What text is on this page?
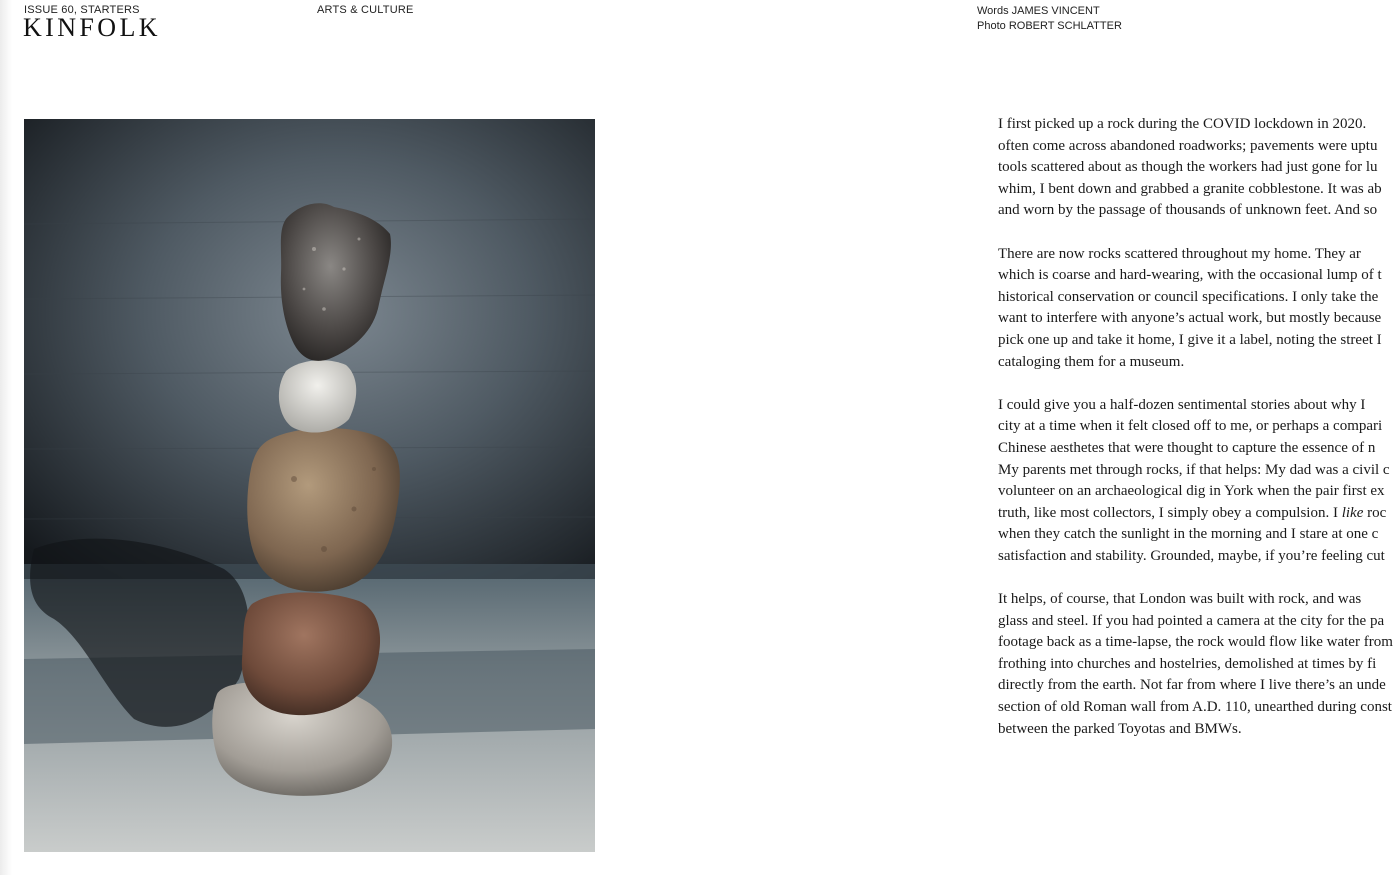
ISSUE 60, STARTERS
KINFOLK
ARTS & CULTURE	Words JAMES VINCENT
Photo ROBERT SCHLATTER
I first picked up a rock during the COVID lockdown in 2020.
often come across abandoned roadworks; pavements were uptu
tools scattered about as though the workers had just gone for lu
whim, I bent down and grabbed a granite cobblestone. It was ab
and worn by the passage of thousands of unknown feet. And so
There are now rocks scattered throughout my home. They ar
which is coarse and hard-wearing, with the occasional lump of t
historical conservation or council specifications. I only take the
want to interfere with anyone’s actual work, but mostly because
pick one up and take it home, I give it a label, noting the street I
cataloging them for a museum.
I could give you a half-dozen sentimental stories about why I
city at a time when it felt closed off to me, or perhaps a compari
Chinese aesthetes that were thought to capture the essence of n
My parents met through rocks, if that helps: My dad was a civil c
volunteer on an archaeological dig in York when the pair first ex
truth, like most collectors, I simply obey a compulsion. I like roc
when they catch the sunlight in the morning and I stare at one c
satisfaction and stability. Grounded, maybe, if you’re feeling cut
It helps, of course, that London was built with rock, and was
glass and steel. If you had pointed a camera at the city for the pa
footage back as a time-lapse, the rock would flow like water from
frothing into churches and hostelries, demolished at times by fi
directly from the earth. Not far from where I live there’s an unde
section of old Roman wall from A.D. 110, unearthed during const
between the parked Toyotas and BMWs.
